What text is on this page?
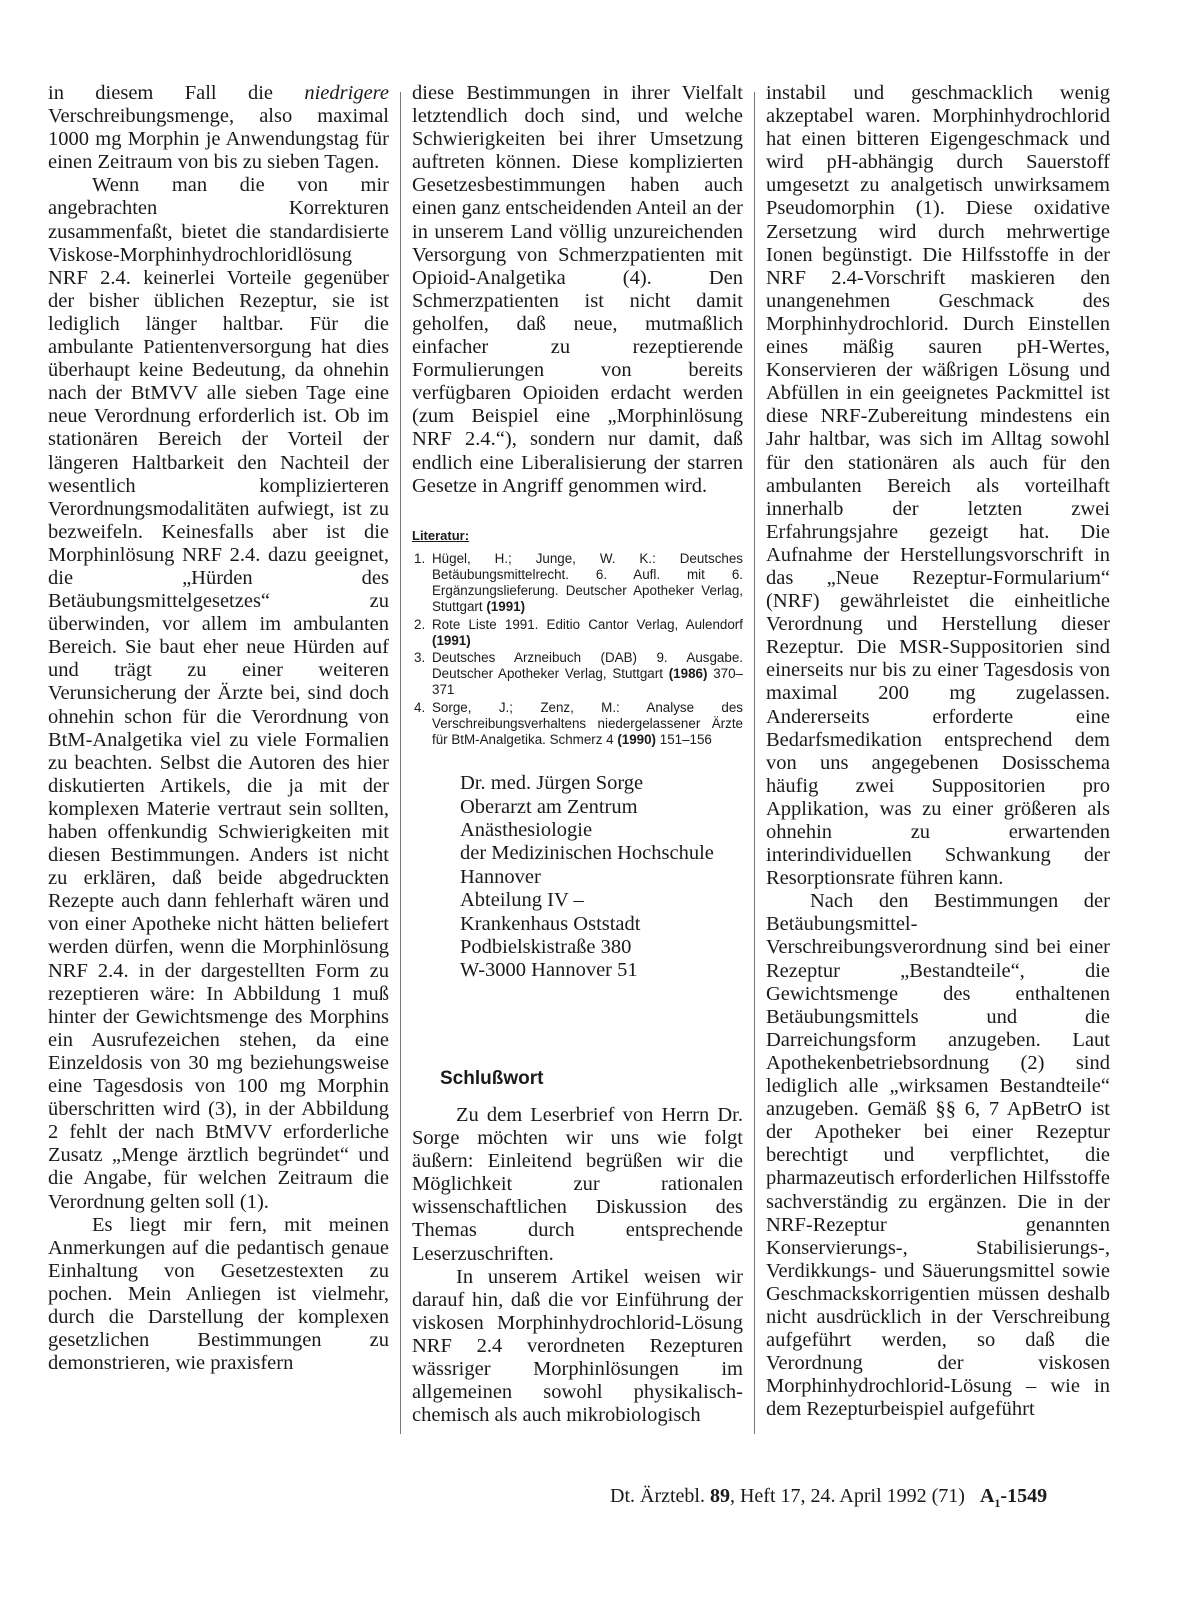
in diesem Fall die niedrigere Verschreibungsmenge, also maximal 1000 mg Morphin je Anwendungstag für einen Zeitraum von bis zu sieben Tagen.

Wenn man die von mir angebrachten Korrekturen zusammenfaßt, bietet die standardisierte Viskose-Morphinhydrochloridlösung NRF 2.4. keinerlei Vorteile gegenüber der bisher üblichen Rezeptur, sie ist lediglich länger haltbar. Für die ambulante Patientenversorgung hat dies überhaupt keine Bedeutung, da ohnehin nach der BtMVV alle sieben Tage eine neue Verordnung erforderlich ist. Ob im stationären Bereich der Vorteil der längeren Haltbarkeit den Nachteil der wesentlich komplizierteren Verordnungsmodalitäten aufwiegt, ist zu bezweifeln. Keinesfalls aber ist die Morphinlösung NRF 2.4. dazu geeignet, die „Hürden des Betäubungsmittelgesetzes“ zu überwinden, vor allem im ambulanten Bereich. Sie baut eher neue Hürden auf und trägt zu einer weiteren Verunsicherung der Ärzte bei, sind doch ohnehin schon für die Verordnung von BtM-Analgetika viel zu viele Formalien zu beachten. Selbst die Autoren des hier diskutierten Artikels, die ja mit der komplexen Materie vertraut sein sollten, haben offenkundig Schwierigkeiten mit diesen Bestimmungen. Anders ist nicht zu erklären, daß beide abgedruckten Rezepte auch dann fehlerhaft wären und von einer Apotheke nicht hätten beliefert werden dürfen, wenn die Morphinlösung NRF 2.4. in der dargestellten Form zu rezeptieren wäre: In Abbildung 1 muß hinter der Gewichtsmenge des Morphins ein Ausrufezeichen stehen, da eine Einzeldosis von 30 mg beziehungsweise eine Tagesdosis von 100 mg Morphin überschritten wird (3), in der Abbildung 2 fehlt der nach BtMVV erforderliche Zusatz „Menge ärztlich begründet“ und die Angabe, für welchen Zeitraum die Verordnung gelten soll (1).

Es liegt mir fern, mit meinen Anmerkungen auf die pedantisch genaue Einhaltung von Gesetzestexten zu pochen. Mein Anliegen ist vielmehr, durch die Darstellung der komplexen gesetzlichen Bestimmungen zu demonstrieren, wie praxisfern

diese Bestimmungen in ihrer Vielfalt letztendlich doch sind, und welche Schwierigkeiten bei ihrer Umsetzung auftreten können. Diese komplizierten Gesetzesbestimmungen haben auch einen ganz entscheidenden Anteil an der in unserem Land völlig unzureichenden Versorgung von Schmerzpatienten mit Opioid-Analgetika (4). Den Schmerzpatienten ist nicht damit geholfen, daß neue, mutmaßlich einfacher zu rezeptierende Formulierungen von bereits verfügbaren Opioiden erdacht werden (zum Beispiel eine „Morphinlösung NRF 2.4.“), sondern nur damit, daß endlich eine Liberalisierung der starren Gesetze in Angriff genommen wird.

Literatur:
1. Hügel, H.; Junge, W. K.: Deutsches Betäubungsmittelrecht. 6. Aufl. mit 6. Ergänzungslieferung. Deutscher Apotheker Verlag, Stuttgart (1991)
2. Rote Liste 1991. Editio Cantor Verlag, Aulendorf (1991)
3. Deutsches Arzneibuch (DAB) 9. Ausgabe. Deutscher Apotheker Verlag, Stuttgart (1986) 370–371
4. Sorge, J.; Zenz, M.: Analyse des Verschreibungsverhaltens niedergelassener Ärzte für BtM-Analgetika. Schmerz 4 (1990) 151–156
Dr. med. Jürgen Sorge
Oberarzt am Zentrum
Anästhesiologie
der Medizinischen Hochschule
Hannover
Abteilung IV –
Krankenhaus Oststadt
Podbielskistraße 380
W-3000 Hannover 51
Schlußwort

Zu dem Leserbrief von Herrn Dr. Sorge möchten wir uns wie folgt äußern: Einleitend begrüßen wir die Möglichkeit zur rationalen wissenschaftlichen Diskussion des Themas durch entsprechende Leserzuschriften.

In unserem Artikel weisen wir darauf hin, daß die vor Einführung der viskosen Morphinhydrochlorid-Lösung NRF 2.4 verordneten Rezepturen wässriger Morphinlösungen im allgemeinen sowohl physikalisch-chemisch als auch mikrobiologisch

instabil und geschmacklich wenig akzeptabel waren. Morphinhydrochlorid hat einen bitteren Eigengeschmack und wird pH-abhängig durch Sauerstoff umgesetzt zu analgetisch unwirksamem Pseudomorphin (1). Diese oxidative Zersetzung wird durch mehrwertige Ionen begünstigt. Die Hilfsstoffe in der NRF 2.4-Vorschrift maskieren den unangenehmen Geschmack des Morphinhydrochlorid. Durch Einstellen eines mäßig sauren pH-Wertes, Konservieren der wäßrigen Lösung und Abfüllen in ein geeignetes Packmittel ist diese NRF-Zubereitung mindestens ein Jahr haltbar, was sich im Alltag sowohl für den stationären als auch für den ambulanten Bereich als vorteilhaft innerhalb der letzten zwei Erfahrungsjahre gezeigt hat. Die Aufnahme der Herstellungsvorschrift in das „Neue Rezeptur-Formularium“ (NRF) gewährleistet die einheitliche Verordnung und Herstellung dieser Rezeptur. Die MSR-Suppositorien sind einerseits nur bis zu einer Tagesdosis von maximal 200 mg zugelassen. Andererseits erforderte eine Bedarfsmedikation entsprechend dem von uns angegebenen Dosisschema häufig zwei Suppositorien pro Applikation, was zu einer größeren als ohnehin zu erwartenden interindividuellen Schwankung der Resorptionsrate führen kann.

Nach den Bestimmungen der Betäubungsmittel-Verschreibungsverordnung sind bei einer Rezeptur „Bestandteile“, die Gewichtsmenge des enthaltenen Betäubungsmittels und die Darreichungsform anzugeben. Laut Apothekenbetriebsordnung (2) sind lediglich alle „wirksamen Bestandteile“ anzugeben. Gemäß §§ 6, 7 ApBetrO ist der Apotheker bei einer Rezeptur berechtigt und verpflichtet, die pharmazeutisch erforderlichen Hilfsstoffe sachverständig zu ergänzen. Die in der NRF-Rezeptur genannten Konservierungs-, Stabilisierungs-, Verdikkungs- und Säuerungsmittel sowie Geschmackskorrigentien müssen deshalb nicht ausdrücklich in der Verschreibung aufgeführt werden, so daß die Verordnung der viskosen Morphinhydrochlorid-Lösung – wie in dem Rezepturbeispiel aufgeführt

Dt. Ärztebl. 89, Heft 17, 24. April 1992 (71) $A_1-1549$
